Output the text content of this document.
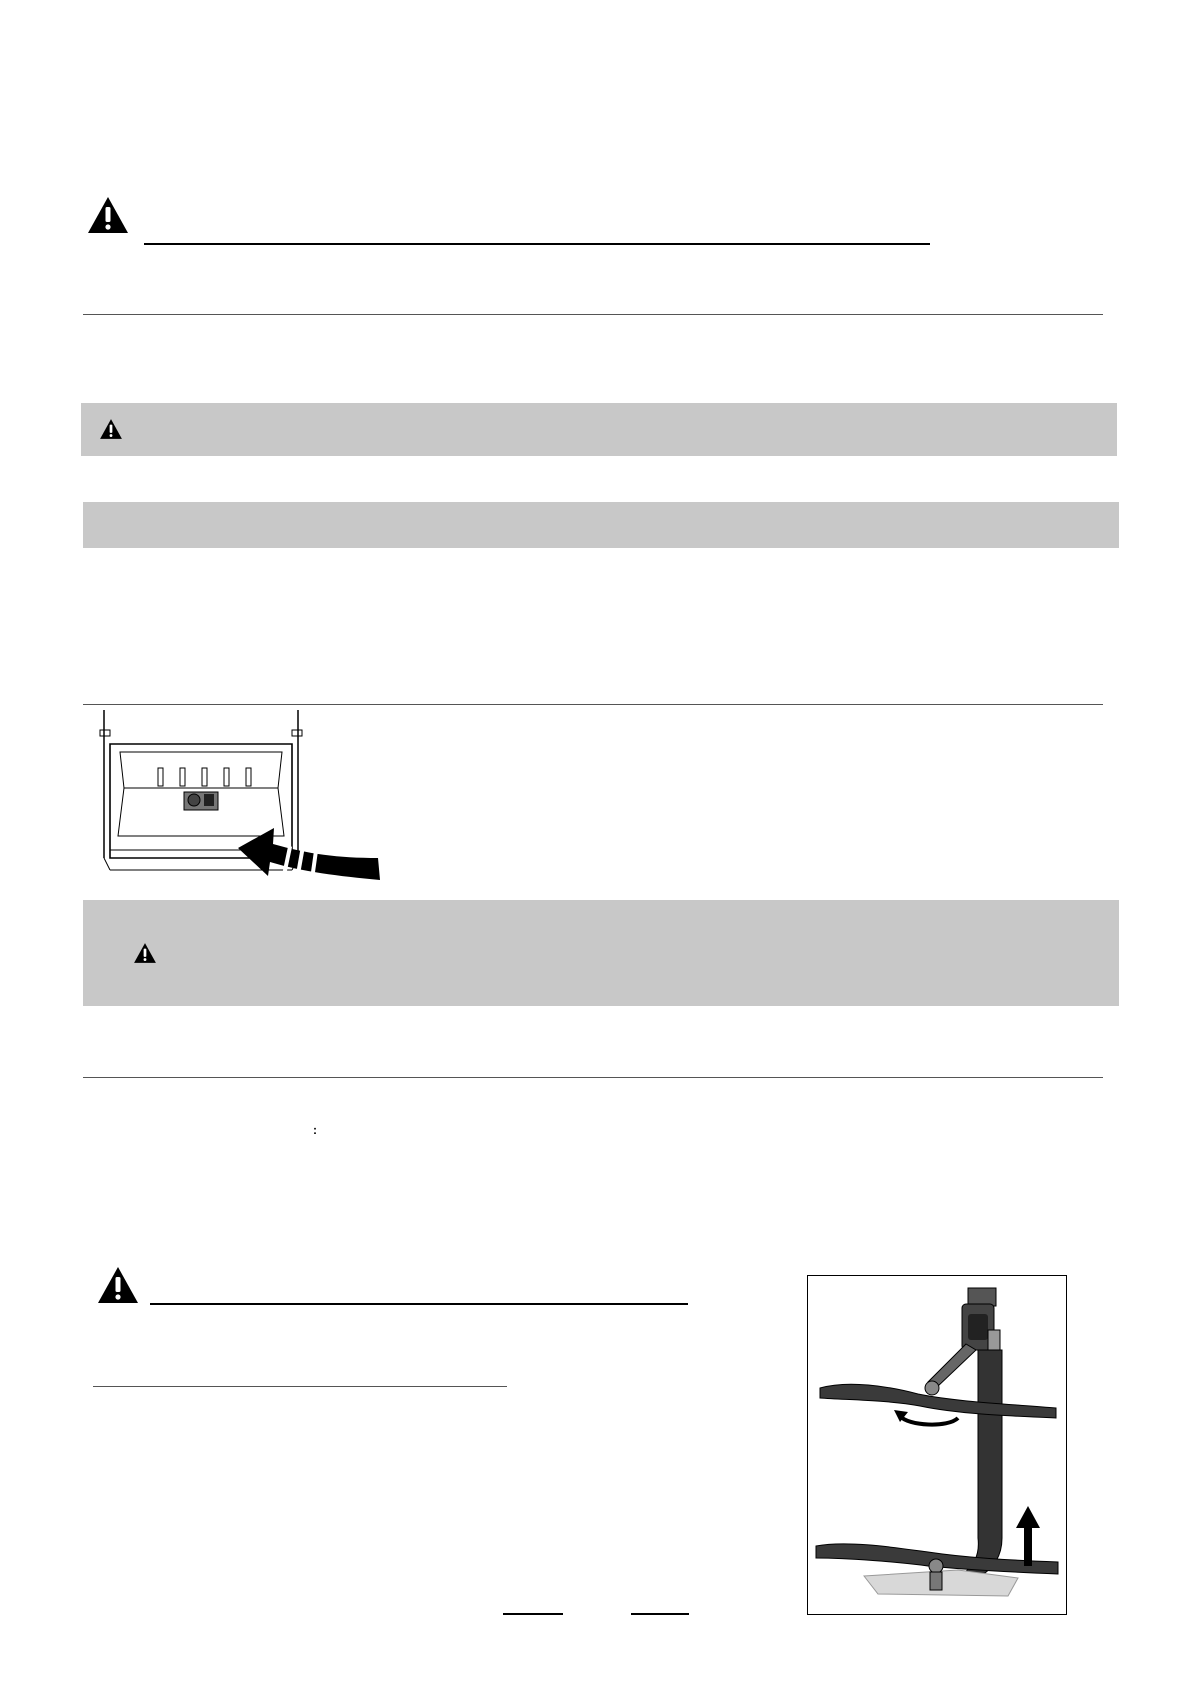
:
